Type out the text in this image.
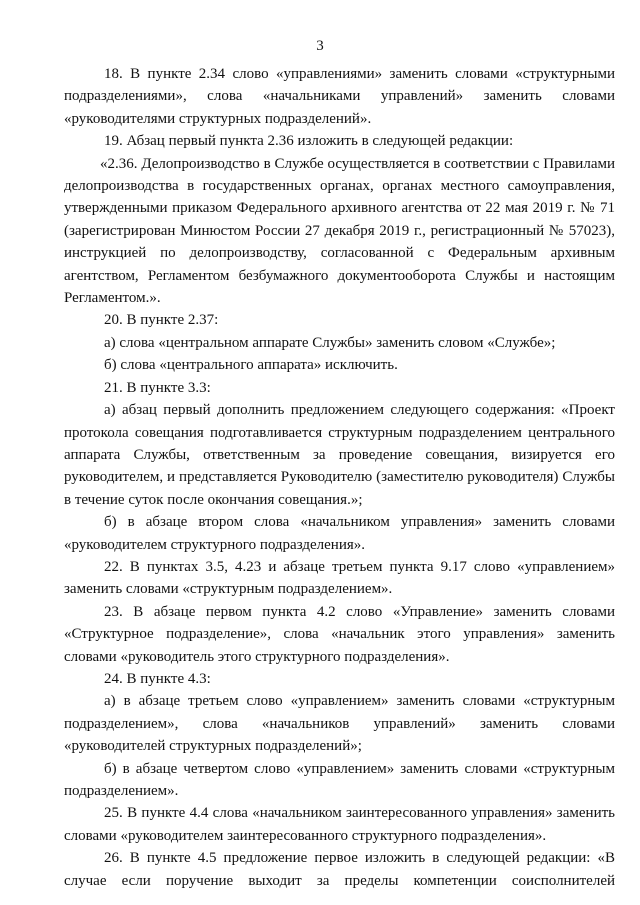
3

18. В пункте 2.34 слово «управлениями» заменить словами «структурными подразделениями», слова «начальниками управлений» заменить словами «руководителями структурных подразделений».

19. Абзац первый пункта 2.36 изложить в следующей редакции:

«2.36. Делопроизводство в Службе осуществляется в соответствии с Правилами делопроизводства в государственных органах, органах местного самоуправления, утвержденными приказом Федерального архивного агентства от 22 мая 2019 г. № 71 (зарегистрирован Минюстом России 27 декабря 2019 г., регистрационный № 57023), инструкцией по делопроизводству, согласованной с Федеральным архивным агентством, Регламентом безбумажного документооборота Службы и настоящим Регламентом.».

20. В пункте 2.37:

а) слова «центральном аппарате Службы» заменить словом «Службе»;

б) слова «центрального аппарата» исключить.

21. В пункте 3.3:

а) абзац первый дополнить предложением следующего содержания: «Проект протокола совещания подготавливается структурным подразделением центрального аппарата Службы, ответственным за проведение совещания, визируется его руководителем, и представляется Руководителю (заместителю руководителя) Службы в течение суток после окончания совещания.»;

б) в абзаце втором слова «начальником управления» заменить словами «руководителем структурного подразделения».

22. В пунктах 3.5, 4.23 и абзаце третьем пункта 9.17 слово «управлением» заменить словами «структурным подразделением».

23. В абзаце первом пункта 4.2 слово «Управление» заменить словами «Структурное подразделение», слова «начальник этого управления» заменить словами «руководитель этого структурного подразделения».

24. В пункте 4.3:

а) в абзаце третьем слово «управлением» заменить словами «структурным подразделением», слова «начальников управлений» заменить словами «руководителей структурных подразделений»;

б) в абзаце четвертом слово «управлением» заменить словами «структурным подразделением».

25. В пункте 4.4 слова «начальником заинтересованного управления» заменить словами «руководителем заинтересованного структурного подразделения».

26. В пункте 4.5 предложение первое изложить в следующей редакции: «В случае если поручение выходит за пределы компетенции соисполнителей
